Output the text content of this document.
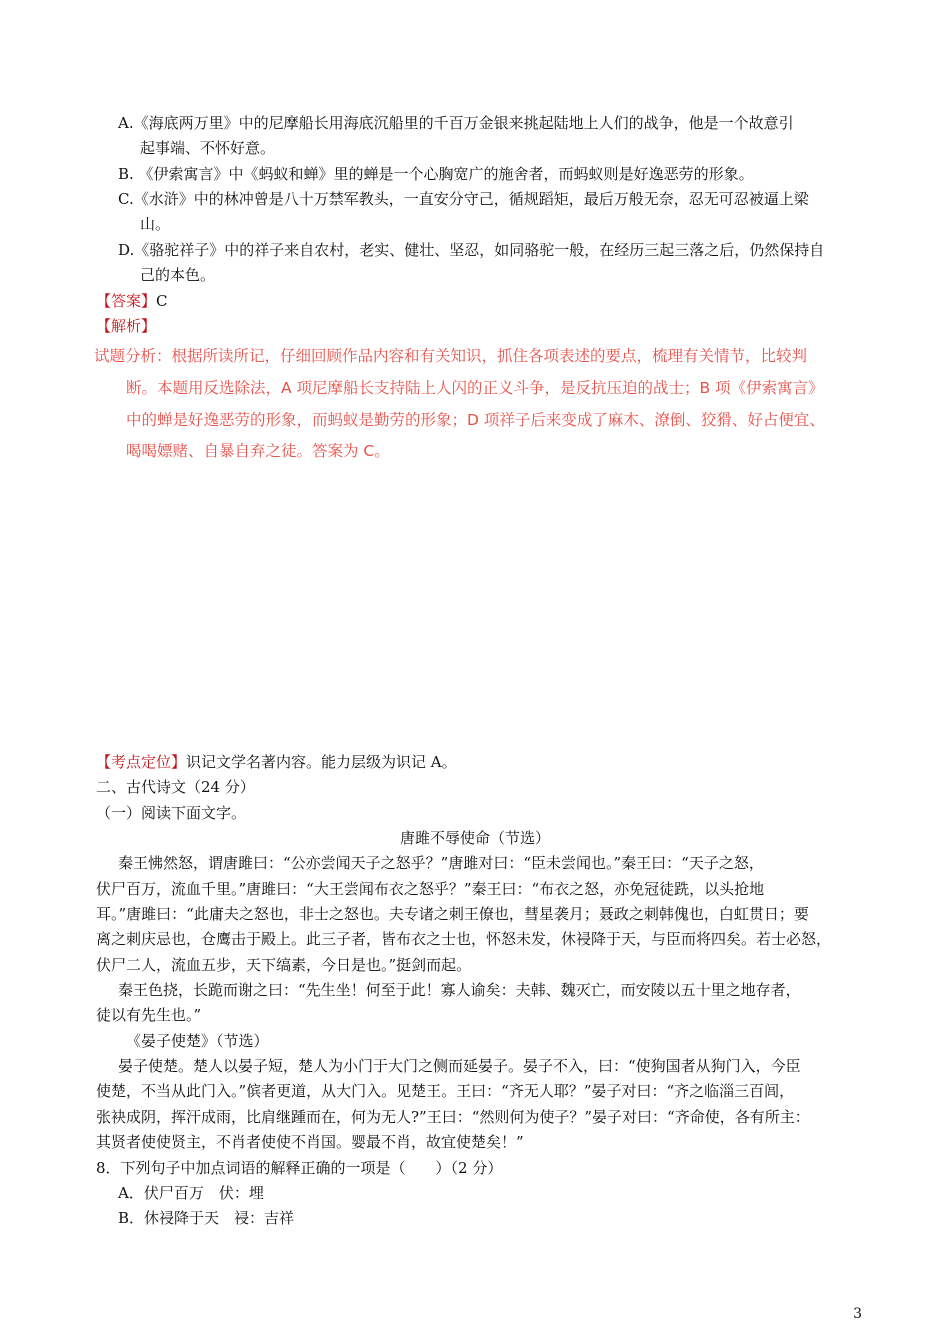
A.《海底两万里》中的尼摩船长用海底沉船里的千百万金银来挑起陆地上人们的战争，他是一个故意引
起事端、不怀好意。
B. 《伊索寓言》中《蚂蚁和蝉》里的蝉是一个心胸宽广的施舍者，而蚂蚁则是好逸恶劳的形象。
C.《水浒》中的林冲曾是八十万禁军教头，一直安分守己，循规蹈矩，最后万般无奈，忍无可忍被逼上梁
山。
D.《骆驼祥子》中的祥子来自农村，老实、健壮、坚忍，如同骆驼一般，在经历三起三落之后，仍然保持自
己的本色。
【答案】C
【解析】
试题分析：根据所读所记，仔细回顾作品内容和有关知识，抓住各项表述的要点，梳理有关情节，比较判
断。本题用反选除法，A 项尼摩船长支持陆上人闪的正义斗争，是反抗压迫的战士；B 项《伊索寓言》
中的蝉是好逸恶劳的形象，而蚂蚁是勤劳的形象；D 项祥子后来变成了麻木、潦倒、狡猾、好占便宜、
喝喝嫖赌、自暴自弃之徒。答案为 C。
【考点定位】识记文学名著内容。能力层级为识记 A。
二、古代诗文（24 分）
（一）阅读下面文字。
唐雎不辱使命（节选）
秦王怫然怒，谓唐雎曰：“公亦尝闻天子之怒乎？”唐雎对曰：“臣未尝闻也。”秦王曰：“天子之怒，
伏尸百万，流血千里。”唐雎曰：“大王尝闻布衣之怒乎？”秦王曰：“布衣之怒，亦免冠徒跣，以头抢地
耳。”唐雎曰：“此庸夫之怒也，非士之怒也。夫专诸之刺王僚也，彗星袭月；聂政之刺韩傀也，白虹贯日；要
离之刺庆忌也，仓鹰击于殿上。此三子者，皆布衣之士也，怀怒未发，休祲降于天，与臣而将四矣。若士必怒，
伏尸二人，流血五步，天下缟素，今日是也。”挺剑而起。
秦王色挠，长跪而谢之曰：“先生坐！何至于此！寡人谕矣：夫韩、魏灭亡，而安陵以五十里之地存者，
徒以有先生也。”
《晏子使楚》（节选）
晏子使楚。楚人以晏子短，楚人为小门于大门之侧而延晏子。晏子不入，曰：“使狗国者从狗门入，今臣
使楚，不当从此门入。”傧者更道，从大门入。见楚王。王曰：“齐无人耶？”晏子对曰：“齐之临淄三百闾，
张袂成阴，挥汗成雨，比肩继踵而在，何为无人?”王曰：“然则何为使子？”晏子对曰：“齐命使，各有所主：
其贤者使使贤主，不肖者使使不肖国。婴最不肖，故宜使楚矣！”
8．下列句子中加点词语的解释正确的一项是（　　）（2 分）
A．伏尸百万　伏：埋
B．休祲降于天　祲：吉祥
3
